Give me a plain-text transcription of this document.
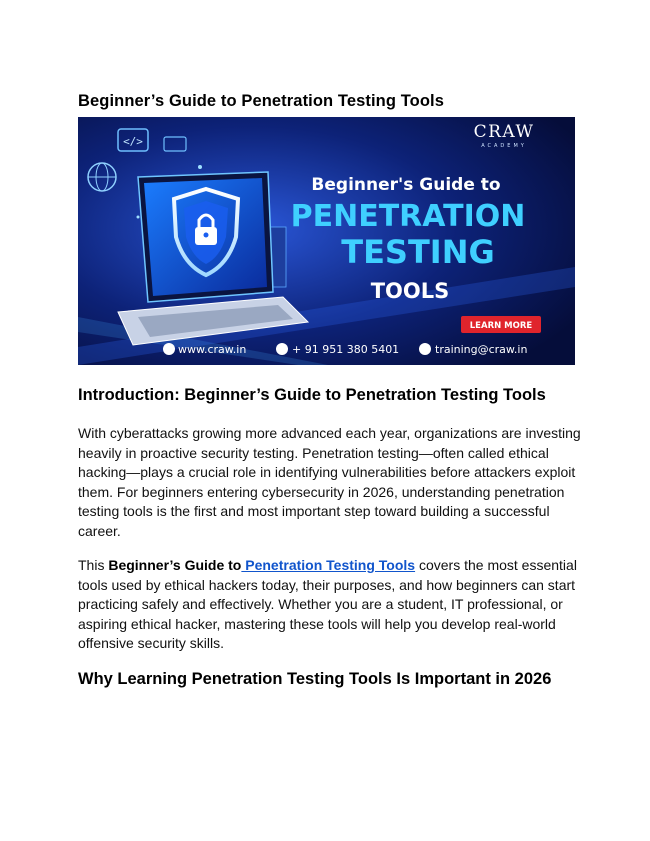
Beginner’s Guide to Penetration Testing Tools
</>	CRAW
ACADEMY
Beginner's Guide to
PENETRATION
TESTING
TOOLS
LEARN MORE
www.craw.in	+ 91 951 380 5401	training@craw.in
Introduction: Beginner’s Guide to Penetration Testing Tools

With cyberattacks growing more advanced each year, organizations are investing heavily in proactive security testing. Penetration testing—often called ethical hacking—plays a crucial role in identifying vulnerabilities before attackers exploit them. For beginners entering cybersecurity in 2026, understanding penetration testing tools is the first and most important step toward building a successful career.

This Beginner’s Guide to Penetration Testing Tools covers the most essential tools used by ethical hackers today, their purposes, and how beginners can start practicing safely and effectively. Whether you are a student, IT professional, or aspiring ethical hacker, mastering these tools will help you develop real-world offensive security skills.

Why Learning Penetration Testing Tools Is Important in 2026
